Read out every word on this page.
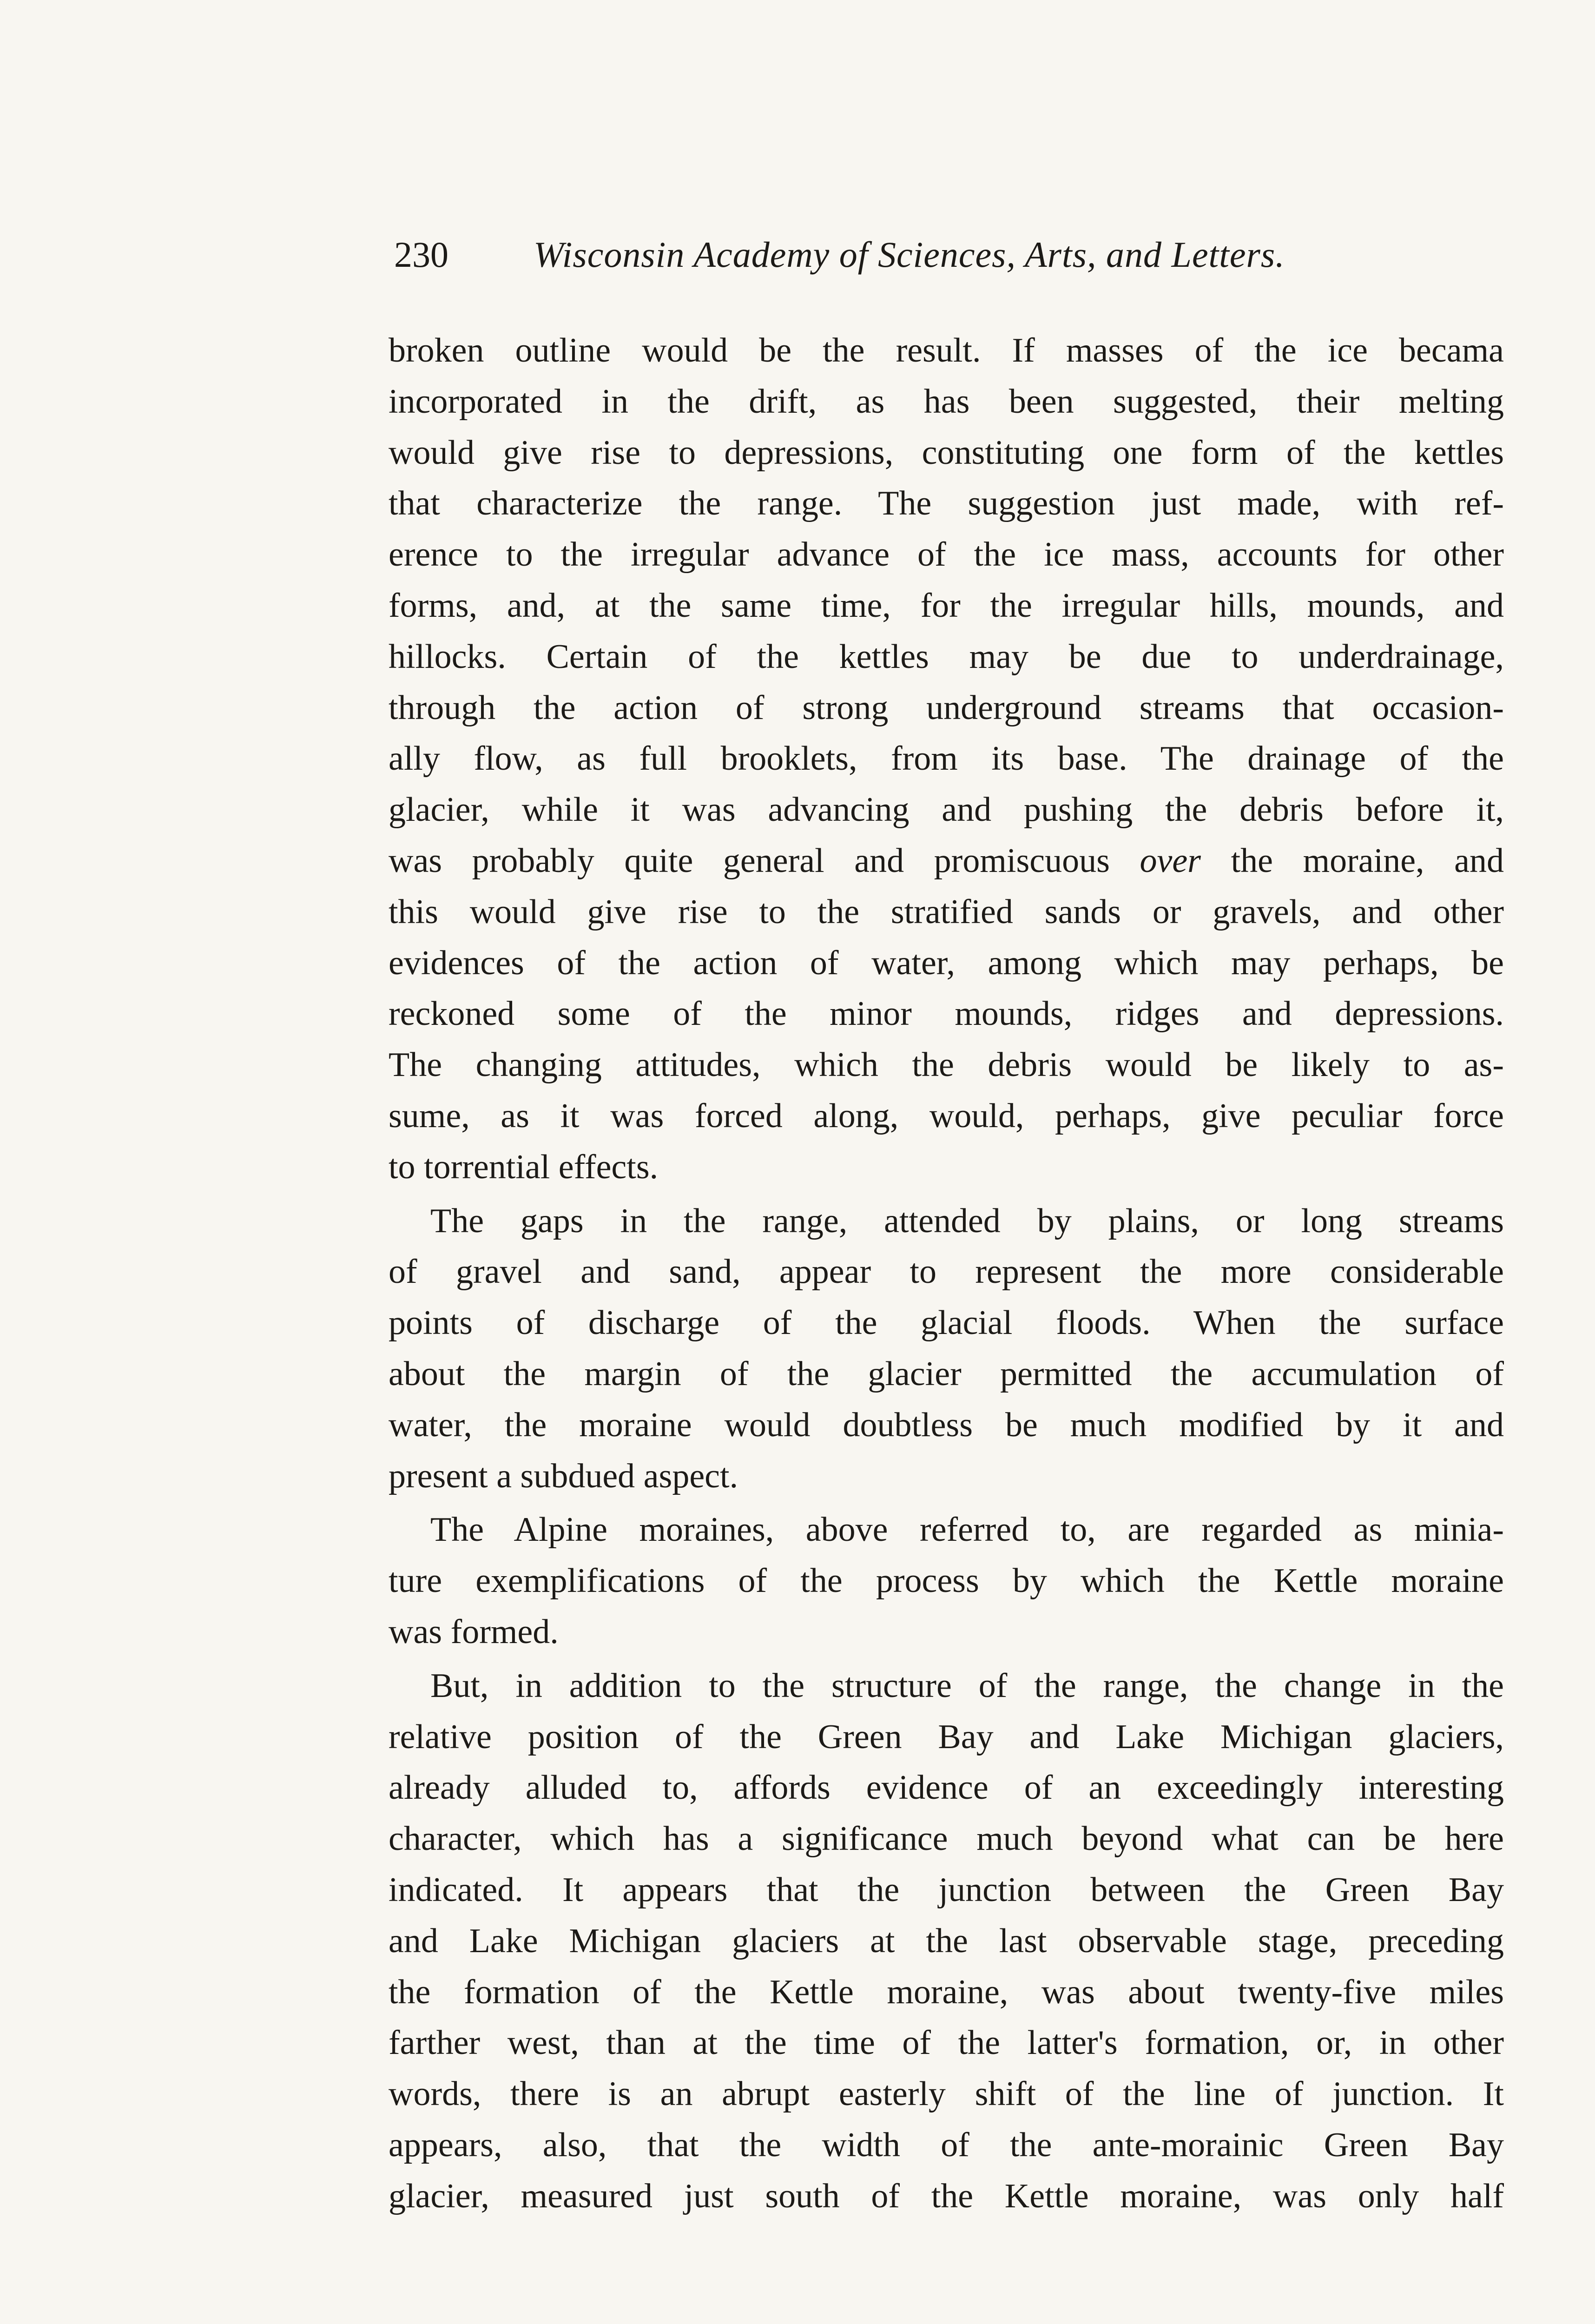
230 Wisconsin Academy of Sciences, Arts, and Letters.
broken outline would be the result. If masses of the ice becama
incorporated in the drift, as has been suggested, their melting
would give rise to depressions, constituting one form of the kettles
that characterize the range. The suggestion just made, with ref-
erence to the irregular advance of the ice mass, accounts for other
forms, and, at the same time, for the irregular hills, mounds, and
hillocks. Certain of the kettles may be due to underdrainage,
through the action of strong underground streams that occasion-
ally flow, as full brooklets, from its base. The drainage of the
glacier, while it was advancing and pushing the debris before it,
was probably quite general and promiscuous over the moraine, and
this would give rise to the stratified sands or gravels, and other
evidences of the action of water, among which may perhaps, be
reckoned some of the minor mounds, ridges and depressions.
The changing attitudes, which the debris would be likely to as-
sume, as it was forced along, would, perhaps, give peculiar force
to torrential effects.
The gaps in the range, attended by plains, or long streams
of gravel and sand, appear to represent the more considerable
points of discharge of the glacial floods. When the surface
about the margin of the glacier permitted the accumulation of
water, the moraine would doubtless be much modified by it and
present a subdued aspect.
The Alpine moraines, above referred to, are regarded as minia-
ture exemplifications of the process by which the Kettle moraine
was formed.
But, in addition to the structure of the range, the change in the
relative position of the Green Bay and Lake Michigan glaciers,
already alluded to, affords evidence of an exceedingly interesting
character, which has a significance much beyond what can be here
indicated. It appears that the junction between the Green Bay
and Lake Michigan glaciers at the last observable stage, preceding
the formation of the Kettle moraine, was about twenty-five miles
farther west, than at the time of the latter's formation, or, in other
words, there is an abrupt easterly shift of the line of junction. It
appears, also, that the width of the ante-morainic Green Bay
glacier, measured just south of the Kettle moraine, was only half
